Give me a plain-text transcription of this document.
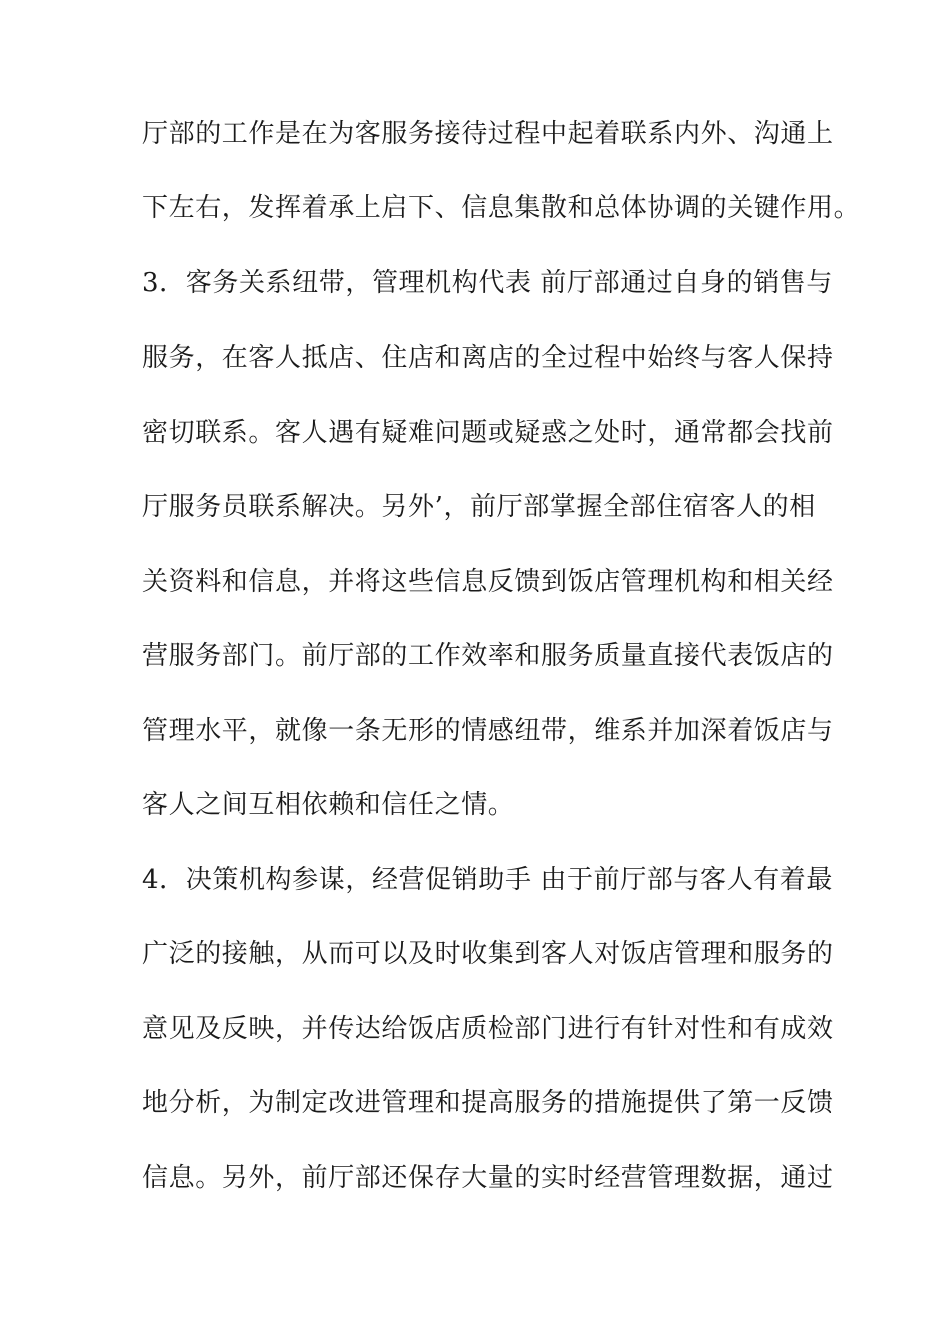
厅部的工作是在为客服务接待过程中起着联系内外、沟通上
下左右，发挥着承上启下、信息集散和总体协调的关键作用。
3．客务关系纽带，管理机构代表 前厅部通过自身的销售与
服务，在客人抵店、住店和离店的全过程中始终与客人保持
密切联系。客人遇有疑难问题或疑惑之处时，通常都会找前
厅服务员联系解决。另外’，前厅部掌握全部住宿客人的相
关资料和信息，并将这些信息反馈到饭店管理机构和相关经
营服务部门。前厅部的工作效率和服务质量直接代表饭店的
管理水平，就像一条无形的情感纽带，维系并加深着饭店与
客人之间互相依赖和信任之情。
4．决策机构参谋，经营促销助手 由于前厅部与客人有着最
广泛的接触，从而可以及时收集到客人对饭店管理和服务的
意见及反映，并传达给饭店质检部门进行有针对性和有成效
地分析，为制定改进管理和提高服务的措施提供了第一反馈
信息。另外，前厅部还保存大量的实时经营管理数据，通过
